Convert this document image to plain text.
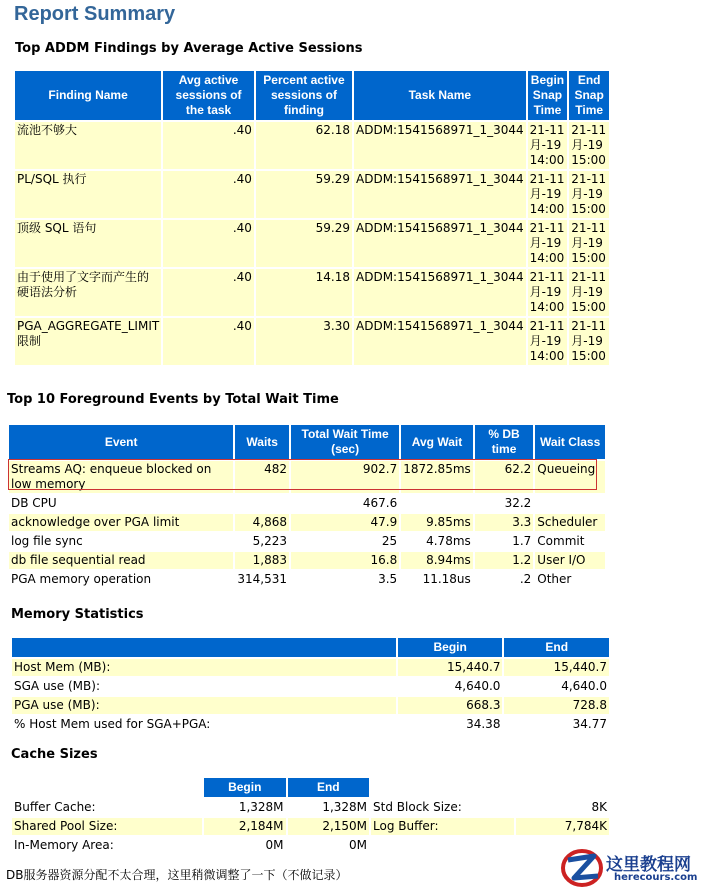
Report Summary
Top ADDM Findings by Average Active Sessions
Finding Name	Avg active sessions of the task	Percent active sessions of finding	Task Name	Begin Snap Time	End Snap Time
流池不够大	.40	62.18	ADDM:1541568971_1_3044	21-11 月-19 14:00	21-11 月-19 15:00
PL/SQL 执行	.40	59.29	ADDM:1541568971_1_3044	21-11 月-19 14:00	21-11 月-19 15:00
顶级 SQL 语句	.40	59.29	ADDM:1541568971_1_3044	21-11 月-19 14:00	21-11 月-19 15:00
由于使用了文字而产生的硬语法分析	.40	14.18	ADDM:1541568971_1_3044	21-11 月-19 14:00	21-11 月-19 15:00
PGA_AGGREGATE_LIMIT 限制	.40	3.30	ADDM:1541568971_1_3044	21-11 月-19 14:00	21-11 月-19 15:00
Top 10 Foreground Events by Total Wait Time
Event	Waits	Total Wait Time (sec)	Avg Wait	% DB time	Wait Class
Streams AQ: enqueue blocked on low memory	482	902.7	1872.85ms	62.2	Queueing
DB CPU		467.6		32.2	
acknowledge over PGA limit	4,868	47.9	9.85ms	3.3	Scheduler
log file sync	5,223	25	4.78ms	1.7	Commit
db file sequential read	1,883	16.8	8.94ms	1.2	User I/O
PGA memory operation	314,531	3.5	11.18us	.2	Other
Memory Statistics
	Begin	End
Host Mem (MB):	15,440.7	15,440.7
SGA use (MB):	4,640.0	4,640.0
PGA use (MB):	668.3	728.8
% Host Mem used for SGA+PGA:	34.38	34.77
Cache Sizes
	Begin	End		
Buffer Cache:	1,328M	1,328M	Std Block Size:	8K
Shared Pool Size:	2,184M	2,150M	Log Buffer:	7,784K
In-Memory Area:	0M	0M		
DB服务器资源分配不太合理，这里稍微调整了一下（不做记录）	这里教程网
herecours.com
